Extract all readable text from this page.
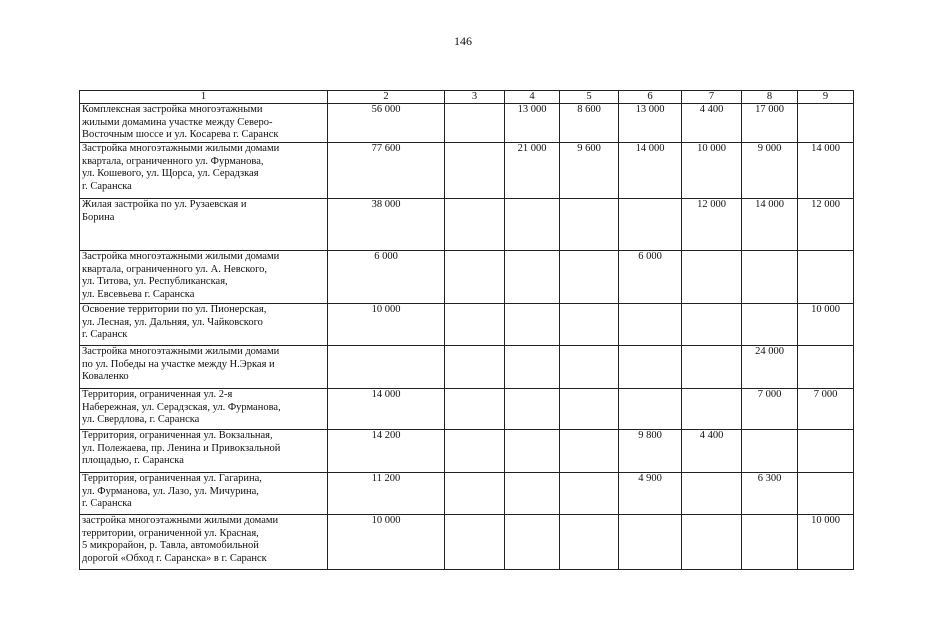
146
1	2	3	4	5	6	7	8	9
Комплексная застройка многоэтажными
жилыми домамина участке между Северо-
Восточным шоссе и ул. Косарева г. Саранск	56 000		13 000	8 600	13 000	4 400	17 000	
Застройка многоэтажными жилыми домами
квартала, ограниченного ул. Фурманова,
ул. Кошевого, ул. Щорса, ул. Серадзкая
г. Саранска	77 600		21 000	9 600	14 000	10 000	9 000	14 000
Жилая застройка по ул. Рузаевская и
Борина	38 000					12 000	14 000	12 000
Застройка многоэтажными жилыми домами
квартала, ограниченного ул. А. Невского,
ул. Титова, ул. Республиканская,
ул. Евсевьева г. Саранска	6 000				6 000			
Освоение территории по ул. Пионерская,
ул. Лесная, ул. Дальняя, ул. Чайковского
г. Саранск	10 000							10 000
Застройка многоэтажными жилыми домами
по ул. Победы на участке между Н.Эркая и
Коваленко							24 000	
Территория, ограниченная ул. 2-я
Набережная, ул. Серадзская, ул. Фурманова,
ул. Свердлова, г. Саранска	14 000						7 000	7 000
Территория, ограниченная ул. Вокзальная,
ул. Полежаева, пр. Ленина и Привокзальной
площадью, г. Саранска	14 200				9 800	4 400		
Территория, ограниченная ул. Гагарина,
ул. Фурманова, ул. Лазо, ул. Мичурина,
г. Саранска	11 200				4 900		6 300	
застройка многоэтажными жилыми домами
территории, ограниченной ул. Красная,
5 микрорайон, р. Тавла, автомобильной
дорогой «Обход г. Саранска» в г. Саранск	10 000							10 000
